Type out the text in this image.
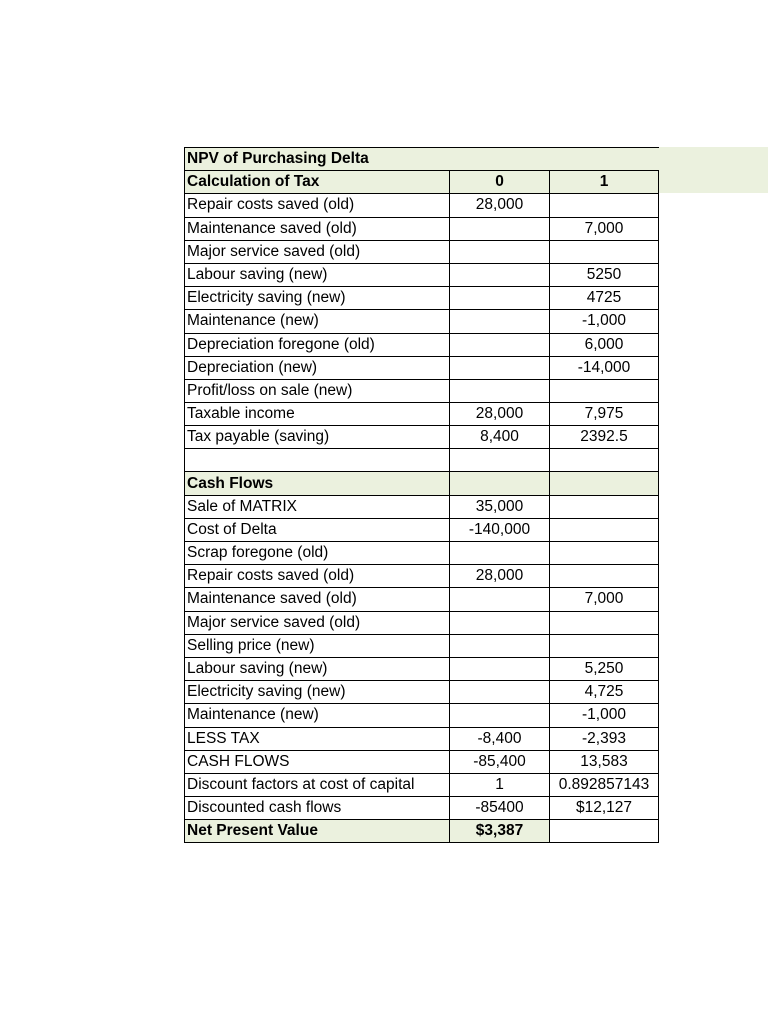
NPV of Purchasing Delta		
Calculation of Tax	0	1
Repair costs saved (old)	28,000	
Maintenance saved (old)		7,000
Major service saved (old)		
Labour saving (new)		5250
Electricity saving (new)		4725
Maintenance (new)		-1,000
Depreciation foregone (old)		6,000
Depreciation (new)		-14,000
Profit/loss on sale (new)		
Taxable income	28,000	7,975
Tax payable (saving)	8,400	2392.5

Cash Flows		
Sale of MATRIX	35,000	
Cost of Delta	-140,000	
Scrap foregone (old)		
Repair costs saved (old)	28,000	
Maintenance saved (old)		7,000
Major service saved (old)		
Selling price (new)		
Labour saving (new)		5,250
Electricity saving (new)		4,725
Maintenance (new)		-1,000
LESS TAX	-8,400	-2,393
CASH FLOWS	-85,400	13,583
Discount factors at cost of capital	1	0.892857143
Discounted cash flows	-85400	$12,127
Net Present Value	$3,387	
